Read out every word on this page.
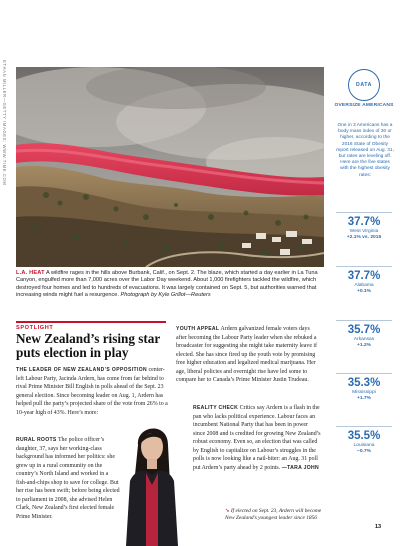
ETHAN MILLER—GETTY IMAGES; WWW.TIME.COM
L.A. HEAT A wildfire rages in the hills above Burbank, Calif., on Sept. 2. The blaze, which started a day earlier in La Tuna Canyon, engulfed more than 7,000 acres over the Labor Day weekend. About 1,000 firefighters tackled the wildfire, which destroyed four homes and led to hundreds of evacuations. It was largely contained on Sept. 5, but authorities warned that increasing winds might fuel a resurgence. Photograph by Kyle Grillot—Reuters
SPOTLIGHT
New Zealand’s rising star puts election in play
THE LEADER OF NEW ZEALAND’S OPPOSITION center-left Labour Party, Jacinda Ardern, has come from far behind to rival Prime Minister Bill English in polls ahead of the Sept. 23 general election. Since becoming leader on Aug. 1, Ardern has helped pull the party’s projected share of the vote from 26% to a 10-year high of 43%. Here’s more:
RURAL ROOTS The police officer’s daughter, 37, says her working-class background has informed her politics: she grew up in a rural community on the country’s North Island and worked in a fish-and-chips shop to save for college. But her rise has been swift; before being elected to parliament in 2008, she advised Helen Clark, New Zealand’s first elected female Prime Minister.
YOUTH APPEAL Ardern galvanized female voters days after becoming the Labour Party leader when she rebuked a broadcaster for suggesting she might take maternity leave if elected. She has since fired up the youth vote by promising free higher education and legalized medical marijuana. Her age, liberal policies and overnight rise have led some to compare her to Canada’s Prime Minister Justin Trudeau.
REALITY CHECK Critics say Ardern is a flash in the pan who lacks political experience. Labour faces an incumbent National Party that has been in power since 2008 and is credited for growing New Zealand’s robust economy. Even so, an election that was called by English to capitalize on Labour’s struggles in the polls is now looking like a nail-biter: an Aug. 31 poll put Ardern’s party ahead by 2 points. —TARA JOHN
➘ If elected on Sept. 23, Ardern will become New Zealand’s youngest leader since 1856
DATA
OVERSIZE AMERICANS
One in 3 Americans has a body mass index of 30 or higher, according to the 2016 State of Obesity report released on Aug. 31, but rates are leveling off. Here are the five states with the highest obesity rates:
37.7%
West Virginia
+2.1% vs. 2015
37.7%
Alabama
+0.1%
35.7%
Arkansas
+1.2%
35.3%
Mississippi
+1.7%
35.5%
Louisiana
−0.7%
13
